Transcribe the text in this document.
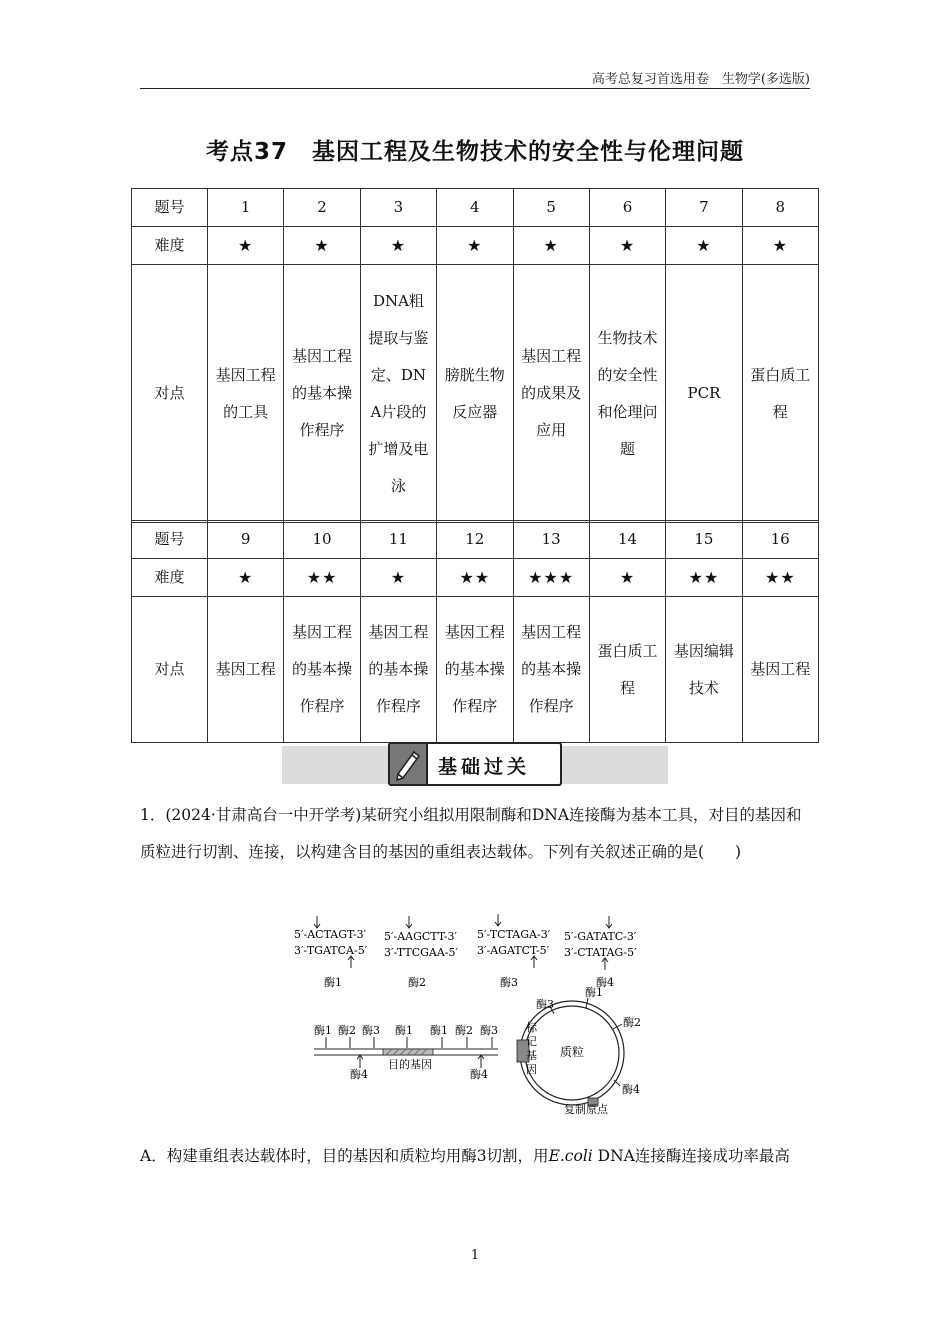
高考总复习首选用卷　生物学(多选版)
考点37　基因工程及生物技术的安全性与伦理问题
题号	1	2	3	4	5	6	7	8
难度	★	★	★	★	★	★	★	★
对点	基因工程的工具	基因工程的基本操作程序	DNA粗提取与鉴定、DNA片段的扩增及电泳	膀胱生物反应器	基因工程的成果及应用	生物技术的安全性和伦理问题	PCR	蛋白质工程
题号	9	10	11	12	13	14	15	16
难度	★	★★	★	★★	★★★	★	★★	★★
对点	基因工程	基因工程的基本操作程序	基因工程的基本操作程序	基因工程的基本操作程序	基因工程的基本操作程序	蛋白质工程	基因编辑技术	基因工程
基础过关
1．(2024·甘肃高台一中开学考)某研究小组拟用限制酶和DNA连接酶为基本工具，对目的基因和质粒进行切割、连接，以构建含目的基因的重组表达载体。下列有关叙述正确的是(　　)
5′-ACTAGT-3′
3′-TGATCA-5′
酶1
5′-AAGCTT-3′
3′-TTCGAA-5′
酶2
5′-TCTAGA-3′
3′-AGATCT-5′
酶3
5′-GATATC-3′
3′-CTATAG-5′
酶4
酶1 酶2 酶3 酶1 酶1 酶2 酶3
目的基因
酶4	酶4
质粒
标
记
基
因
酶3
酶1
酶2
酶4
复制原点
A．构建重组表达载体时，目的基因和质粒均用酶3切割，用E.coli DNA连接酶连接成功率最高
1
